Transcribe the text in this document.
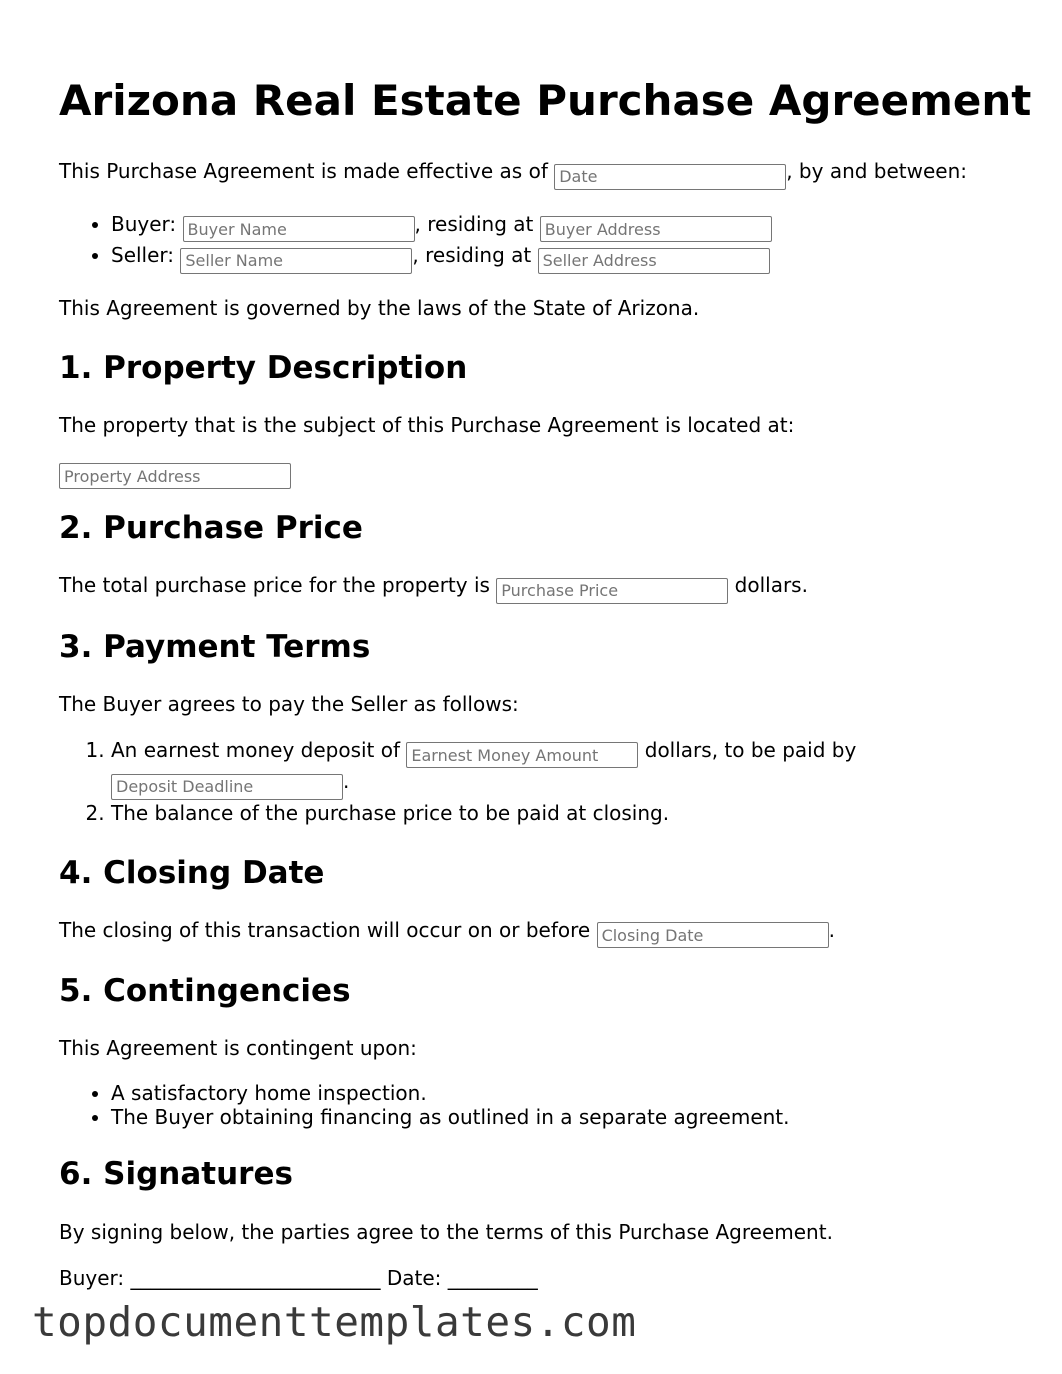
Arizona Real Estate Purchase Agreement

This Purchase Agreement is made effective as of Date	, by and between:

• Buyer: Buyer Name	, residing at Buyer Address
• Seller: Seller Name	, residing at Seller Address

This Agreement is governed by the laws of the State of Arizona.

1. Property Description

The property that is the subject of this Purchase Agreement is located at:

Property Address

2. Purchase Price

The total purchase price for the property is Purchase Price	dollars.

3. Payment Terms

The Buyer agrees to pay the Seller as follows:

1. An earnest money deposit of Earnest Money Amount	dollars, to be paid by Deposit Deadline.
2. The balance of the purchase price to be paid at closing.
4. Closing Date

The closing of this transaction will occur on or before Closing Date	.

5. Contingencies

This Agreement is contingent upon:

• A satisfactory home inspection.
• The Buyer obtaining financing as outlined in a separate agreement.
6. Signatures

By signing below, the parties agree to the terms of this Purchase Agreement.

Buyer: _________________________ Date: _________

topdocumenttemplates.com
